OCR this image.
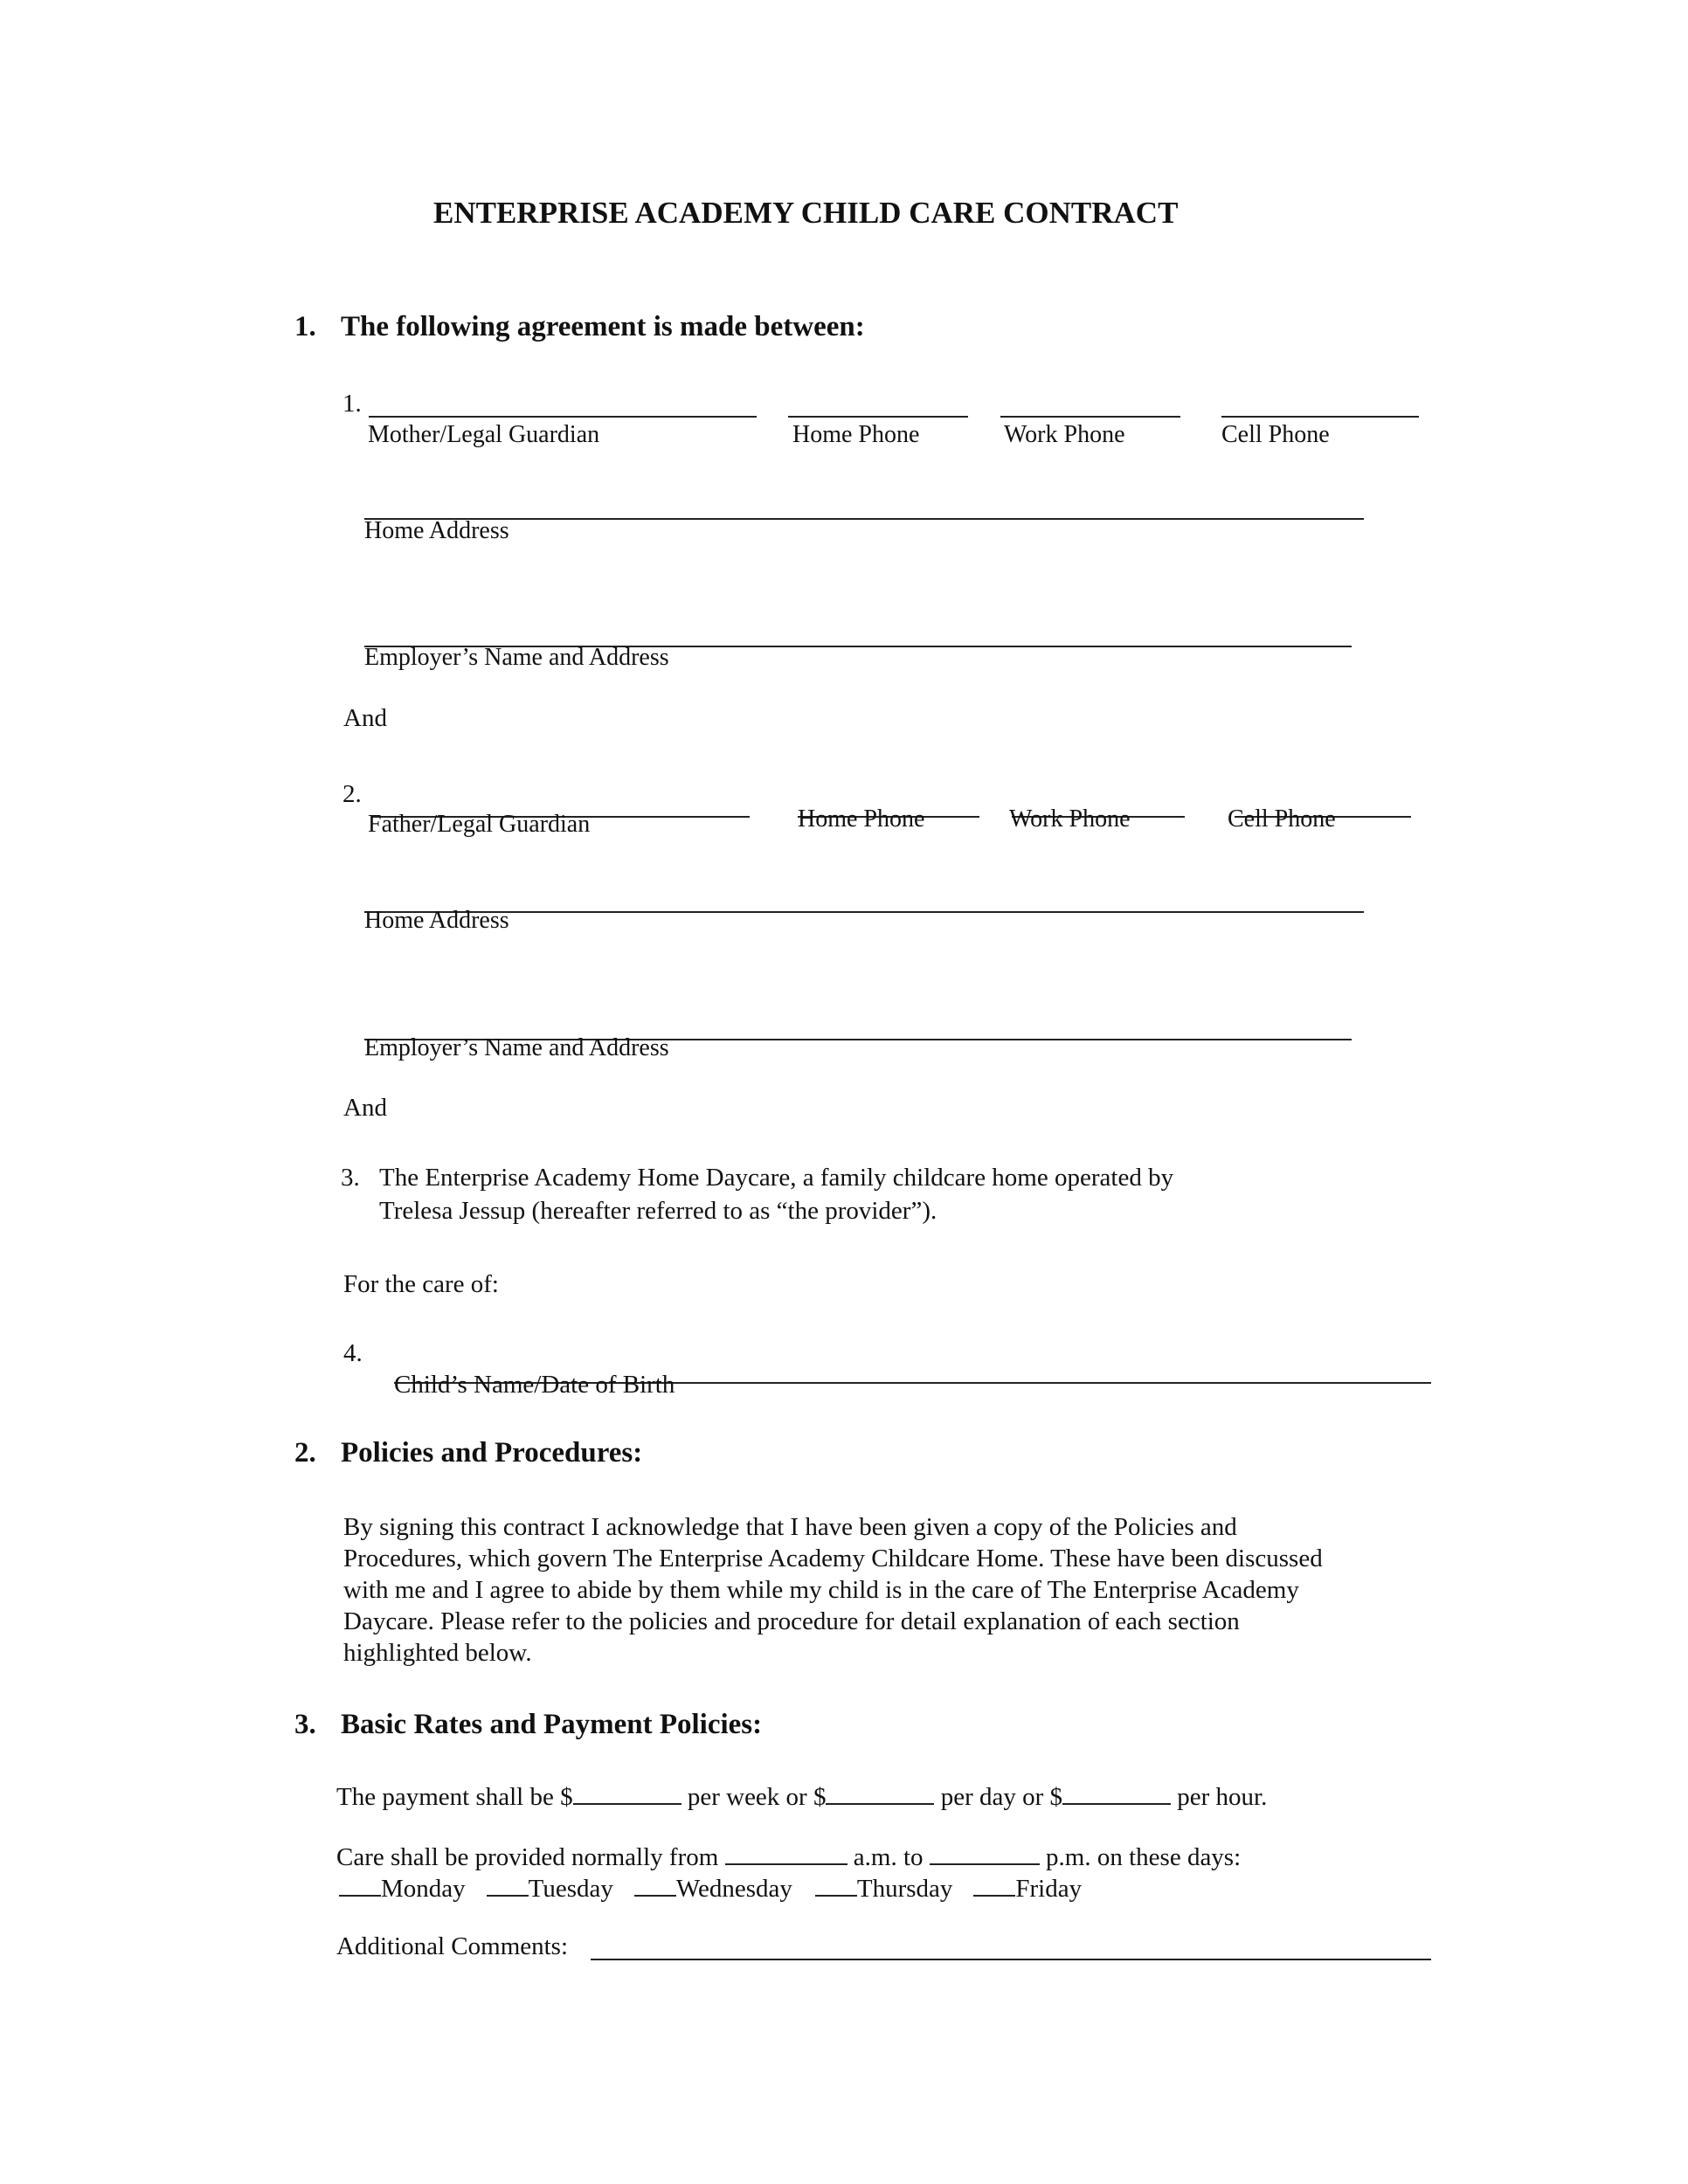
ENTERPRISE ACADEMY CHILD CARE CONTRACT
1. The following agreement is made between:
1.
Mother/Legal Guardian	Home Phone	Work Phone	Cell Phone
Home Address
Employer’s Name and Address
And
2.
Father/Legal Guardian	Home Phone	Work Phone	Cell Phone
Home Address
Employer’s Name and Address
And
3. The Enterprise Academy Home Daycare, a family childcare home operated by
Trelesa Jessup (hereafter referred to as “the provider”).
For the care of:
4.
Child’s Name/Date of Birth
2. Policies and Procedures:
By signing this contract I acknowledge that I have been given a copy of the Policies and
Procedures, which govern The Enterprise Academy Childcare Home. These have been discussed
with me and I agree to abide by them while my child is in the care of The Enterprise Academy
Daycare. Please refer to the policies and procedure for detail explanation of each section
highlighted below.
3. Basic Rates and Payment Policies:
The payment shall be $	per week or $	per day or $	per hour.
Care shall be provided normally from	a.m. to	p.m. on these days:
Monday Tuesday Wednesday	Thursday Friday
Additional Comments:
